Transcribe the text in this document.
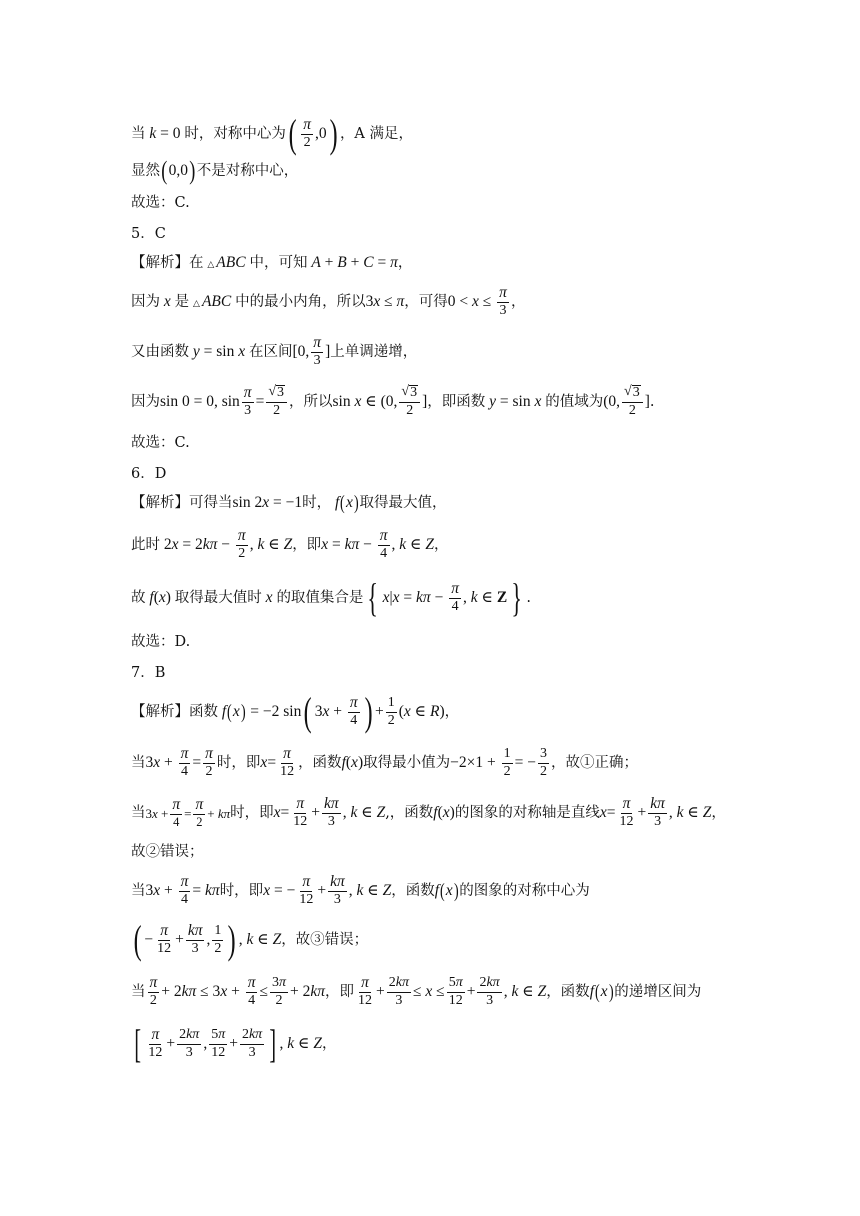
当 k = 0 时，对称中心为 ( $\frac{\pi}{2} ,0$ ) ，A 满足，
显然 ( 0,0 ) 不是对称中心，
故选：C.
5．C
【解析】 在 △ ABC 中，可知 A + B + C = π ，
因为 x 是 △ ABC 中的最小内角，所以 3 x ≤ π ，可得 $0 < x \le \frac{\pi}{3}$ ，
又由函数 y = sin x 在区间 [0, $\frac{\pi}{3}$ ] 上单调递增，
因为 sin 0 = 0, $\sin \frac{\pi}{3} = \frac{√ 3}{2}$ ，所以 sin x ∈ (0, $\frac{√ 3}{2}$ ] ，即函数 y = sin x 的值域为 (0, $\frac{√ 3}{2}$ ] .
故选：C.
6．D
【解析】 可得当 sin 2 x = −1 时， f ( x ) 取得最大值，
此时 2 x = 2 $k\pi - \frac{\pi}{2}$ , k ∈ Z ，即 $x = k\pi - \frac{\pi}{4}$ , k ∈ Z ，
故 f ( x ) 取得最大值时 x 的取值集合是 { x | $x = k\pi - \frac{\pi}{4}$ , k ∈ Z } .
故选：D.
7．B
【解析】 函数 f ( x ) = −2 sin ( 3 $x + \frac{\pi}{4}$ ) + $\frac{1}{2}$ ( x ∈ R ) ，
当 3 $x + \frac{\pi}{4} = \frac{\pi}{2}$ 时，即 $x = \frac{\pi}{12}$ ，函数 f ( x ) 取得最小值为 $-2\times 1 + \frac{1}{2}$ = − $\frac{3}{2}$ ，故①正确；
当 3 $x + \frac{\pi}{4} = \frac{\pi}{2} + k\pi$ 时，即 $x = \frac{\pi}{12} + \frac{k\pi}{3}$ , k ∈ Z , ，函数 f ( x ) 的图象的对称轴是直线 $x = \frac{\pi}{12} + \frac{k\pi}{3}$ , k ∈ Z ，
故②错误；
当 3 $x + \frac{\pi}{4} = k\pi$ 时，即 x = − $\frac{\pi}{12} + \frac{k\pi}{3}$ , k ∈ Z ，函数 f ( x ) 的图象的对称中心为
( − $\frac{\pi}{12} + \frac{k\pi}{3}$ , $\frac{1}{2}$ ) , k ∈ Z ，故③错误；
当 $\frac{\pi}{2} + 2$ kπ ≤ 3 $x + \frac{\pi}{4} \le \frac{3\pi}{2} + 2$ kπ ，即 $\frac{\pi}{12} + \frac{2k\pi}{3} \le x \le \frac{5\pi}{12} + \frac{2k\pi}{3}$ , k ∈ Z ，函数 f ( x ) 的递增区间为
[ $\frac{\pi}{12} + \frac{2k\pi}{3}$ , $\frac{5\pi}{12} + \frac{2k\pi}{3}$ ] , k ∈ Z ，
